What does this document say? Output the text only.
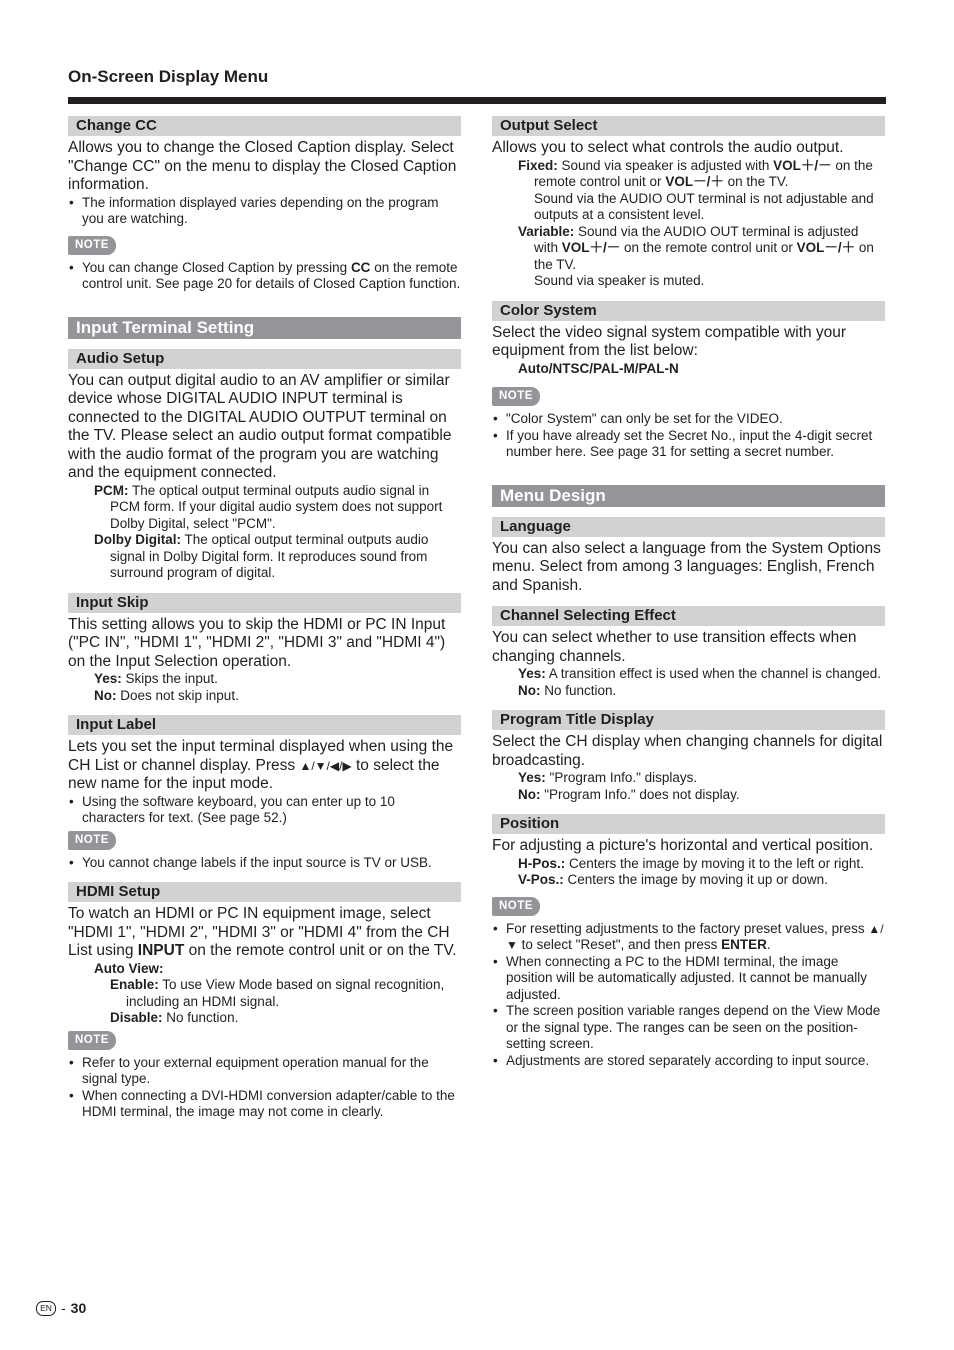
On-Screen Display Menu
Change CC

Allows you to change the Closed Caption display. Select "Change CC" on the menu to display the Closed Caption information.

• The information displayed varies depending on the program you are watching.
NOTE
• You can change Closed Caption by pressing CC on the remote control unit. See page 20 for details of Closed Caption function.
Input Terminal Setting
Audio Setup

You can output digital audio to an AV amplifier or similar device whose DIGITAL AUDIO INPUT terminal is connected to the DIGITAL AUDIO OUTPUT terminal on the TV. Please select an audio output format compatible with the audio format of the program you are watching and the equipment connected.

PCM: The optical output terminal outputs audio signal in PCM form. If your digital audio system does not support Dolby Digital, select "PCM".
Dolby Digital: The optical output terminal outputs audio signal in Dolby Digital form. It reproduces sound from surround program of digital.
Input Skip

This setting allows you to skip the HDMI or PC IN Input ("PC IN", "HDMI 1", "HDMI 2", "HDMI 3" and "HDMI 4") on the Input Selection operation.

Yes: Skips the input.
No: Does not skip input.
Input Label

Lets you set the input terminal displayed when using the CH List or channel display. Press ▲/▼/◀/▶ to select the new name for the input mode.

• Using the software keyboard, you can enter up to 10 characters for text. (See page 52.)
NOTE
• You cannot change labels if the input source is TV or USB.
HDMI Setup

To watch an HDMI or PC IN equipment image, select "HDMI 1", "HDMI 2", "HDMI 3" or "HDMI 4" from the CH List using INPUT on the remote control unit or on the TV.

Auto View:
Enable: To use View Mode based on signal recognition, including an HDMI signal.
Disable: No function.
NOTE
• Refer to your external equipment operation manual for the signal type.
• When connecting a DVI-HDMI conversion adapter/cable to the HDMI terminal, the image may not come in clearly.
Output Select

Allows you to select what controls the audio output.

Fixed: Sound via speaker is adjusted with VOL＋/－ on the remote control unit or VOL－/＋ on the TV.
Sound via the AUDIO OUT terminal is not adjustable and outputs at a consistent level.
Variable: Sound via the AUDIO OUT terminal is adjusted with VOL＋/－ on the remote control unit or VOL－/＋ on the TV.
Sound via speaker is muted.
Color System

Select the video signal system compatible with your equipment from the list below:

Auto/NTSC/PAL-M/PAL-N
NOTE
• "Color System" can only be set for the VIDEO.
• If you have already set the Secret No., input the 4-digit secret number here. See page 31 for setting a secret number.
Menu Design
Language

You can also select a language from the System Options menu. Select from among 3 languages: English, French and Spanish.

Channel Selecting Effect

You can select whether to use transition effects when changing channels.

Yes: A transition effect is used when the channel is changed.
No: No function.
Program Title Display

Select the CH display when changing channels for digital broadcasting.

Yes: "Program Info." displays.
No: "Program Info." does not display.
Position

For adjusting a picture's horizontal and vertical position.

H-Pos.: Centers the image by moving it to the left or right.
V-Pos.: Centers the image by moving it up or down.
NOTE
• For resetting adjustments to the factory preset values, press ▲/▼ to select "Reset", and then press ENTER.
• When connecting a PC to the HDMI terminal, the image position will be automatically adjusted. It cannot be manually adjusted.
• The screen position variable ranges depend on the View Mode or the signal type. The ranges can be seen on the position-setting screen.
• Adjustments are stored separately according to input source.
EN - 30
